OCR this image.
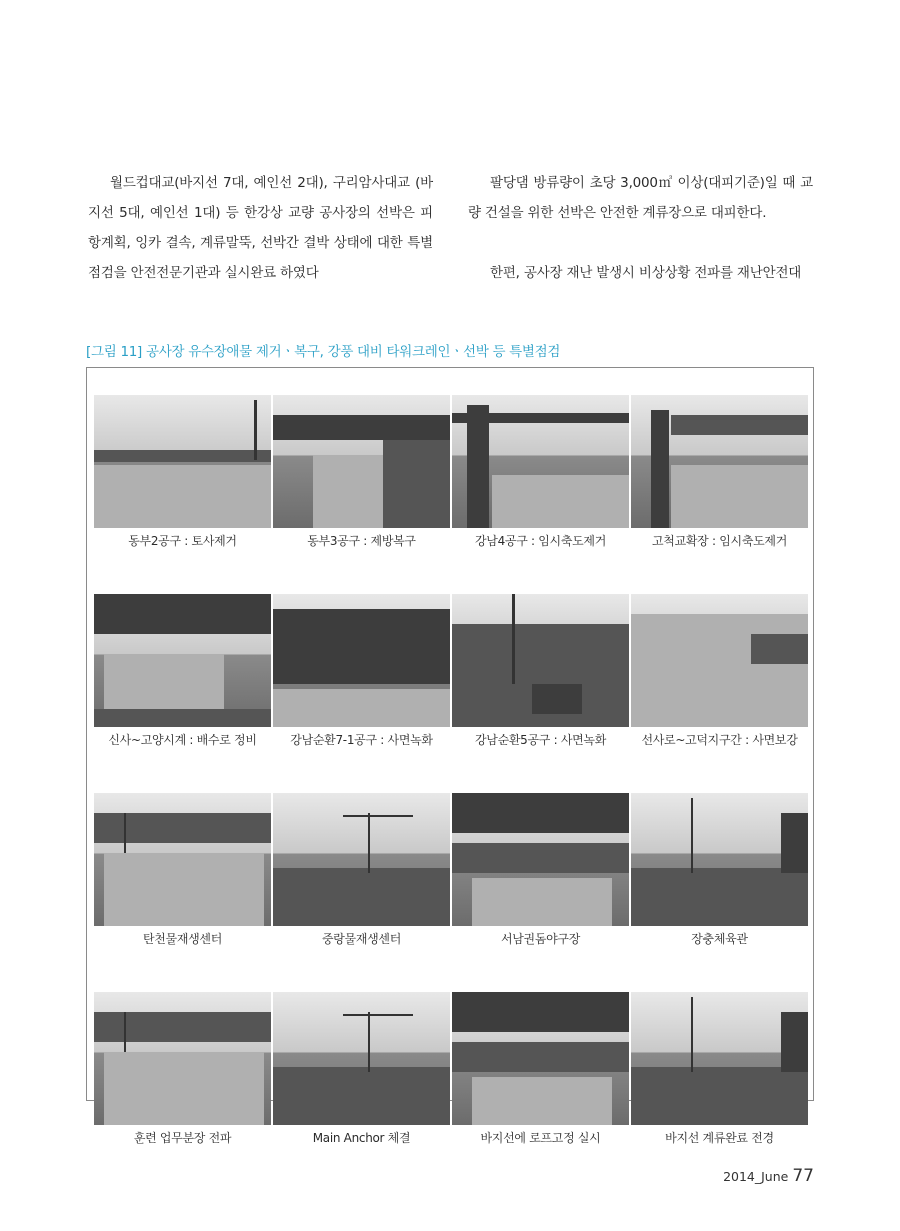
월드컵대교(바지선 7대, 예인선 2대), 구리암사대교 (바지선 5대, 예인선 1대) 등 한강상 교량 공사장의 선박은 피항계획, 잉카 결속, 계류말뚝, 선박간 결박 상태에 대한 특별점검을 안전전문기관과 실시완료 하였다

팔당댐 방류량이 초당 3,000㎥ 이상(대피기준)일 때 교량 건설을 위한 선박은 안전한 계류장으로 대피한다.

한편, 공사장 재난 발생시 비상상황 전파를 재난안전대

[그림 11] 공사장 유수장애물 제거ㆍ복구, 강풍 대비 타워크레인ㆍ선박 등 특별점검
동부2공구 : 토사제거	동부3공구 : 제방복구	강남4공구 : 임시축도제거	고척교확장 : 임시축도제거
신사~고양시계 : 배수로 정비	강남순환7-1공구 : 사면녹화	강남순환5공구 : 사면녹화	선사로~고덕지구간 : 사면보강
탄천물재생센터	중랑물재생센터	서남권돔야구장	장충체육관
훈련 업무분장 전파	Main Anchor 체결	바지선에 로프고정 실시	바지선 계류완료 전경
2014_June 77
